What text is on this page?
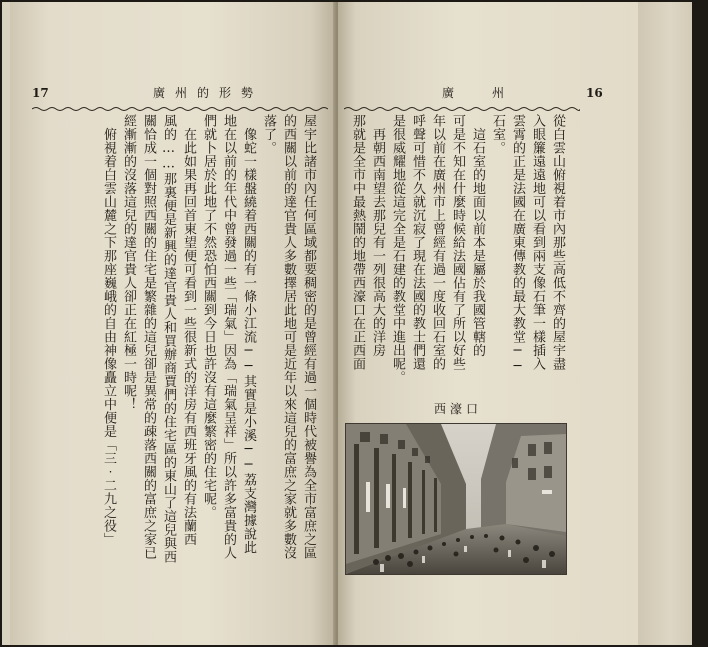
17	廣州的形勢
屋宇比諸市內任何區域都要稠密的是曾經有過一個時代被譽為全市富庶之區
的西關以前的達官貴人多數擇居此地可是近年以來這兒的富庶之家就多數沒
落了。
　像蛇一樣盤繞着西關的有一條小江流──其實是小溪──荔支灣據說此
地在以前的年代中曾發過一些「瑞氣」因為「瑞氣呈祥」所以許多富貴的人
們就卜居於此地了不然恐怕西關到今日也許沒有這麼繁密的住宅呢。
　在此如果再回首東望便可看到一些很新式的洋房有西班牙風的有法蘭西
風的……那裏便是新興的達官貴人和買辦商賈們的住宅區的東山了這兒與西
關恰成一個對照西關的住宅是繁雜的這兒卻是異常的疎落西關的富庶之家已
經漸漸的沒落這兒的達官貴人卻正在紅極一時呢！
　俯視着白雲山麓之下那座巍峨的自由神像矗立中便是「三‧二九之役」
16
廣州
從白雲山俯視着市內那些高低不齊的屋宇盡
入眼簾遠遠地可以看到兩支像石筆一樣插入
雲霄的正是法國在廣東傳教的最大教堂──
石室。
　這石室的地面以前本是屬於我國管轄的
可是不知在什麼時候給法國佔有了所以好些
年以前在廣州市上曾經有過一度收回石室的
呼聲可惜不久就沉寂了現在法國的教士們還
是很威耀地從這完全是石建的教堂中進出呢。
　再朝西南望去那兒有一列很高大的洋房
那就是全市中最熱鬧的地帶西濠口在正西面
西濠口
